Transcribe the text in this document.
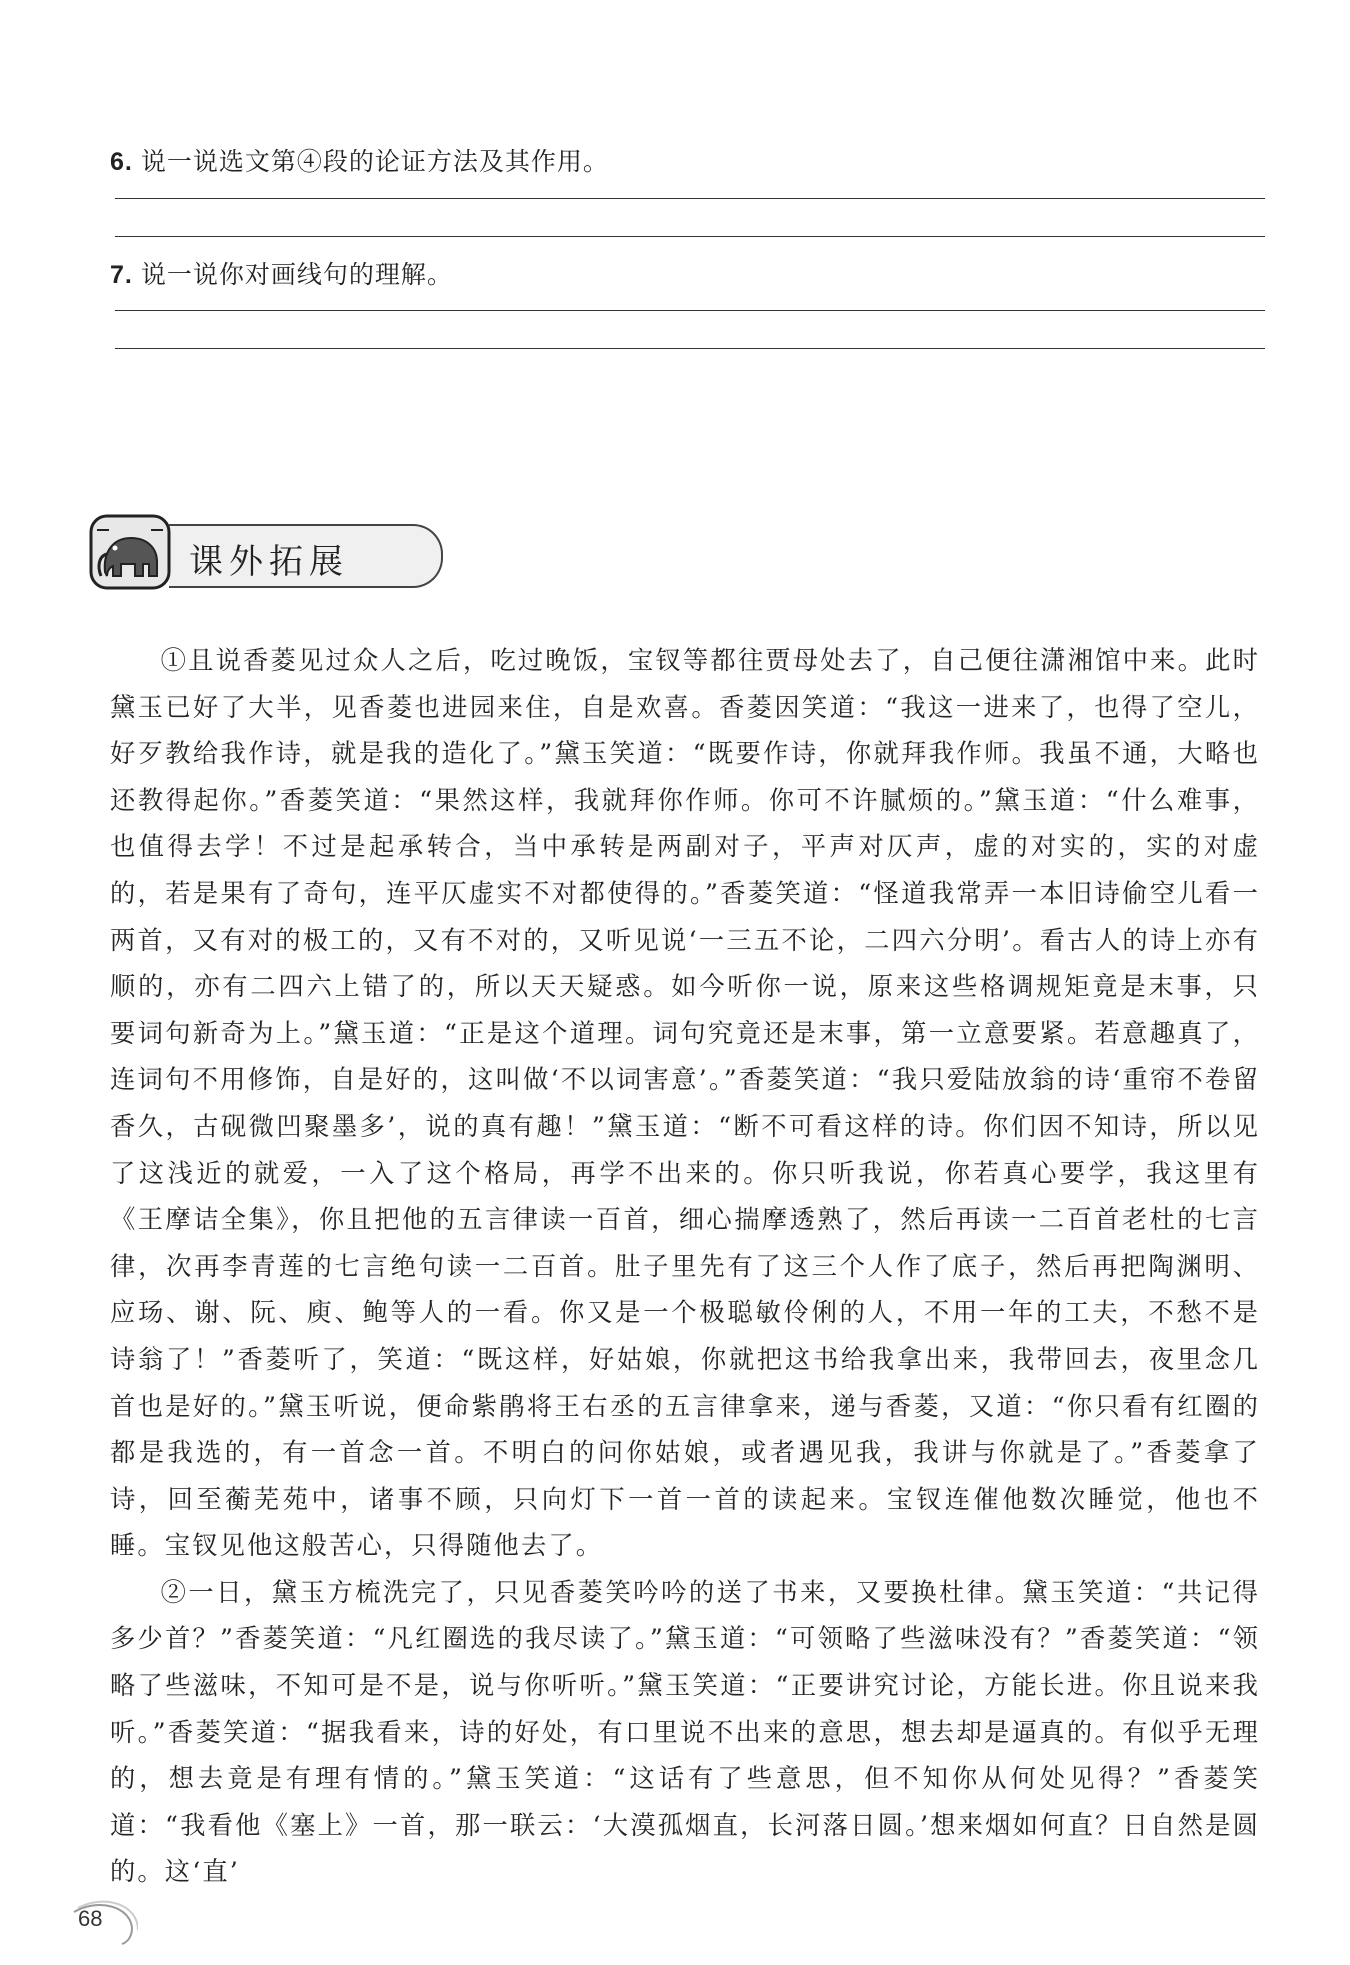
6. 说一说选文第④段的论证方法及其作用。
7. 说一说你对画线句的理解。
课外拓展

①且说香菱见过众人之后，吃过晚饭，宝钗等都往贾母处去了，自己便往潇湘馆中来。此时黛玉已好了大半，见香菱也进园来住，自是欢喜。香菱因笑道：“我这一进来了，也得了空儿，好歹教给我作诗，就是我的造化了。”黛玉笑道：“既要作诗，你就拜我作师。我虽不通，大略也还教得起你。”香菱笑道：“果然这样，我就拜你作师。你可不许腻烦的。”黛玉道：“什么难事，也值得去学！不过是起承转合，当中承转是两副对子，平声对仄声，虚的对实的，实的对虚的，若是果有了奇句，连平仄虚实不对都使得的。”香菱笑道：“怪道我常弄一本旧诗偷空儿看一两首，又有对的极工的，又有不对的，又听见说‘一三五不论，二四六分明’。看古人的诗上亦有顺的，亦有二四六上错了的，所以天天疑惑。如今听你一说，原来这些格调规矩竟是末事，只要词句新奇为上。”黛玉道：“正是这个道理。词句究竟还是末事，第一立意要紧。若意趣真了，连词句不用修饰，自是好的，这叫做‘不以词害意’。”香菱笑道：“我只爱陆放翁的诗‘重帘不卷留香久，古砚微凹聚墨多’，说的真有趣！”黛玉道：“断不可看这样的诗。你们因不知诗，所以见了这浅近的就爱，一入了这个格局，再学不出来的。你只听我说，你若真心要学，我这里有《王摩诘全集》，你且把他的五言律读一百首，细心揣摩透熟了，然后再读一二百首老杜的七言律，次再李青莲的七言绝句读一二百首。肚子里先有了这三个人作了底子，然后再把陶渊明、应玚、谢、阮、庾、鲍等人的一看。你又是一个极聪敏伶俐的人，不用一年的工夫，不愁不是诗翁了！”香菱听了，笑道：“既这样，好姑娘，你就把这书给我拿出来，我带回去，夜里念几首也是好的。”黛玉听说，便命紫鹃将王右丞的五言律拿来，递与香菱，又道：“你只看有红圈的都是我选的，有一首念一首。不明白的问你姑娘，或者遇见我，我讲与你就是了。”香菱拿了诗，回至蘅芜苑中，诸事不顾，只向灯下一首一首的读起来。宝钗连催他数次睡觉，他也不睡。宝钗见他这般苦心，只得随他去了。

②一日，黛玉方梳洗完了，只见香菱笑吟吟的送了书来，又要换杜律。黛玉笑道：“共记得多少首？”香菱笑道：“凡红圈选的我尽读了。”黛玉道：“可领略了些滋味没有？”香菱笑道：“领略了些滋味，不知可是不是，说与你听听。”黛玉笑道：“正要讲究讨论，方能长进。你且说来我听。”香菱笑道：“据我看来，诗的好处，有口里说不出来的意思，想去却是逼真的。有似乎无理的，想去竟是有理有情的。”黛玉笑道：“这话有了些意思，但不知你从何处见得？”香菱笑道：“我看他《塞上》一首，那一联云：‘大漠孤烟直，长河落日圆。’想来烟如何直？日自然是圆的。这‘直’

68
